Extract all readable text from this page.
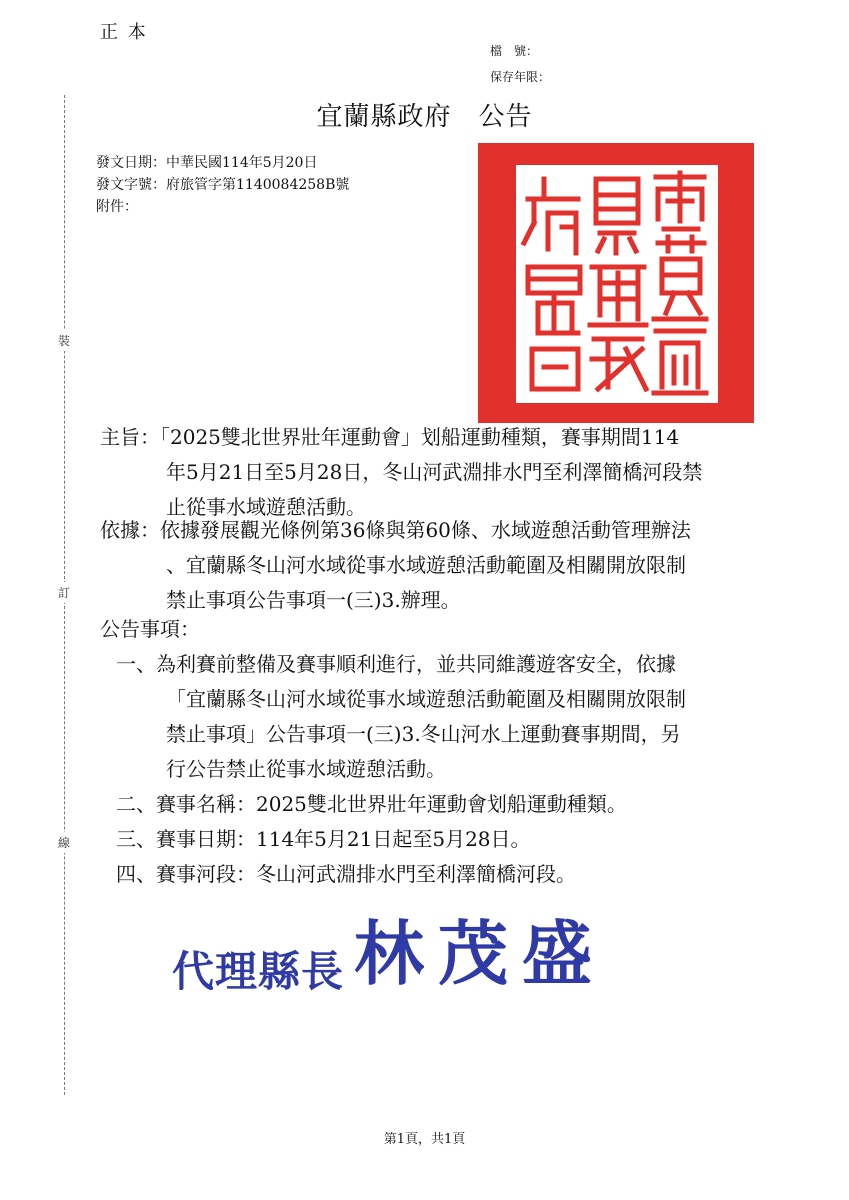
正 本
檔　號：
保存年限：
裝
訂
線
宜蘭縣政府　公告
發文日期：中華民國114年5月20日
發文字號：府旅管字第1140084258B號
附件：
主旨：「2025雙北世界壯年運動會」划船運動種類，賽事期間114
年5月21日至5月28日，冬山河武淵排水門至利澤簡橋河段禁
止從事水域遊憩活動。
依據：依據發展觀光條例第36條與第60條、水域遊憩活動管理辦法
、宜蘭縣冬山河水域從事水域遊憩活動範圍及相關開放限制
禁止事項公告事項一(三)3.辦理。
公告事項：
一、為利賽前整備及賽事順利進行，並共同維護遊客安全，依據
「宜蘭縣冬山河水域從事水域遊憩活動範圍及相關開放限制
禁止事項」公告事項一(三)3.冬山河水上運動賽事期間，另
行公告禁止從事水域遊憩活動。
二、賽事名稱：2025雙北世界壯年運動會划船運動種類。
三、賽事日期：114年5月21日起至5月28日。
四、賽事河段：冬山河武淵排水門至利澤簡橋河段。
代理縣長 林茂盛
第1頁，共1頁
